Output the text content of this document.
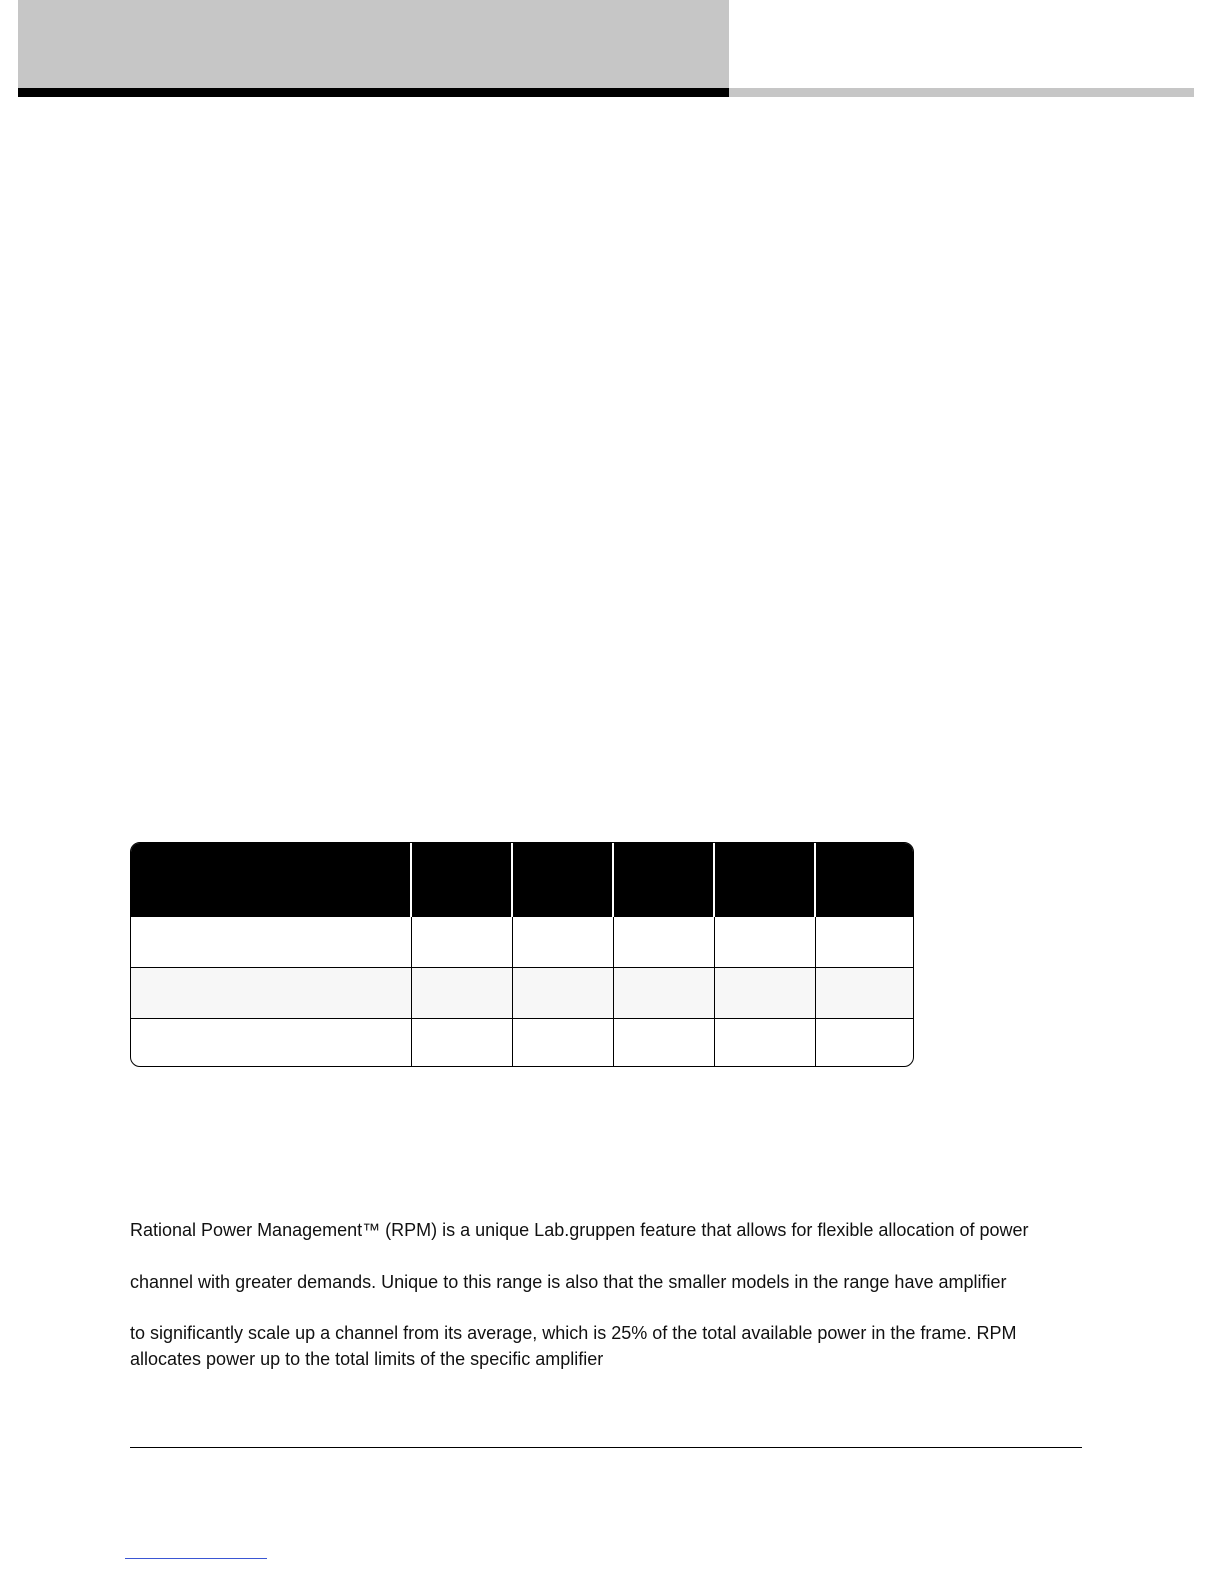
Rational Power Management™ (RPM) is a unique Lab.gruppen feature that allows for flexible allocation of power

channel with greater demands. Unique to this range is also that the smaller models in the range have amplifier

to significantly scale up a channel from its average, which is 25% of the total available power in the frame. RPM
allocates power up to the total limits of the specific amplifier
